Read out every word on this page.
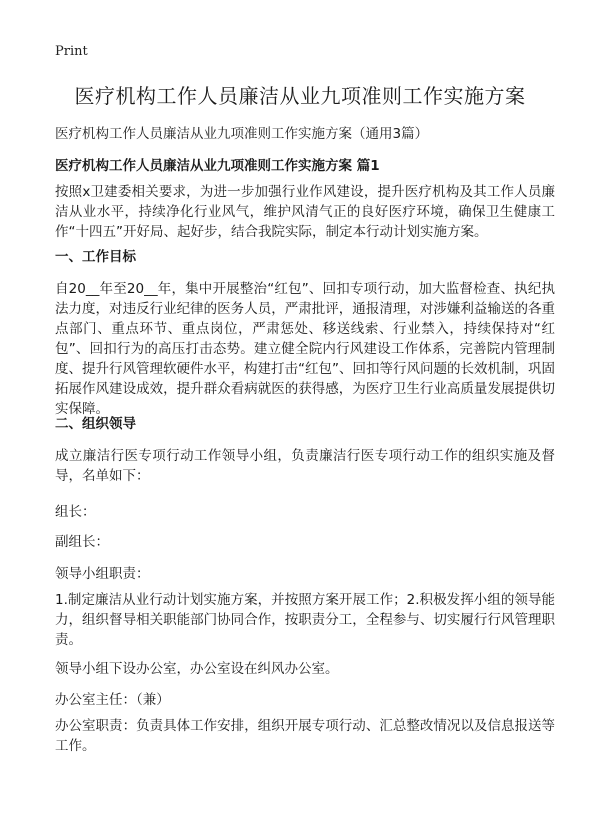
Print
医疗机构工作人员廉洁从业九项准则工作实施方案
医疗机构工作人员廉洁从业九项准则工作实施方案（通用3篇）
医疗机构工作人员廉洁从业九项准则工作实施方案 篇1

按照x卫建委相关要求，为进一步加强行业作风建设，提升医疗机构及其工作人员廉洁从业水平，持续净化行业风气，维护风清气正的良好医疗环境，确保卫生健康工作“十四五”开好局、起好步，结合我院实际，制定本行动计划实施方案。

一、工作目标

自20__年至20__年，集中开展整治“红包”、回扣专项行动，加大监督检查、执纪执法力度，对违反行业纪律的医务人员，严肃批评，通报清理，对涉嫌利益输送的各重点部门、重点环节、重点岗位，严肃惩处、移送线索、行业禁入，持续保持对“红包”、回扣行为的高压打击态势。建立健全院内行风建设工作体系，完善院内管理制度、提升行风管理软硬件水平，构建打击“红包”、回扣等行风问题的长效机制，巩固拓展作风建设成效，提升群众看病就医的获得感，为医疗卫生行业高质量发展提供切实保障。

二、组织领导

成立廉洁行医专项行动工作领导小组，负责廉洁行医专项行动工作的组织实施及督导，名单如下：

组长：
副组长：
领导小组职责：

1.制定廉洁从业行动计划实施方案，并按照方案开展工作；2.积极发挥小组的领导能力，组织督导相关职能部门协同合作，按职责分工，全程参与、切实履行行风管理职责。

领导小组下设办公室，办公室设在纠风办公室。
办公室主任：（兼）

办公室职责：负责具体工作安排，组织开展专项行动、汇总整改情况以及信息报送等工作。
